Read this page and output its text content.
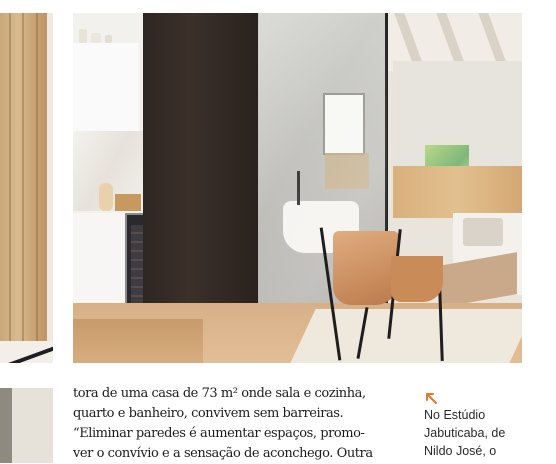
tora de uma casa de 73 m² onde sala e cozinha,
quarto e banheiro, convivem sem barreiras.
“Eliminar paredes é aumentar espaços, promo-
ver o convívio e a sensação de aconchego. Outra
No Estúdio
Jabuticaba, de
Nildo José, o
